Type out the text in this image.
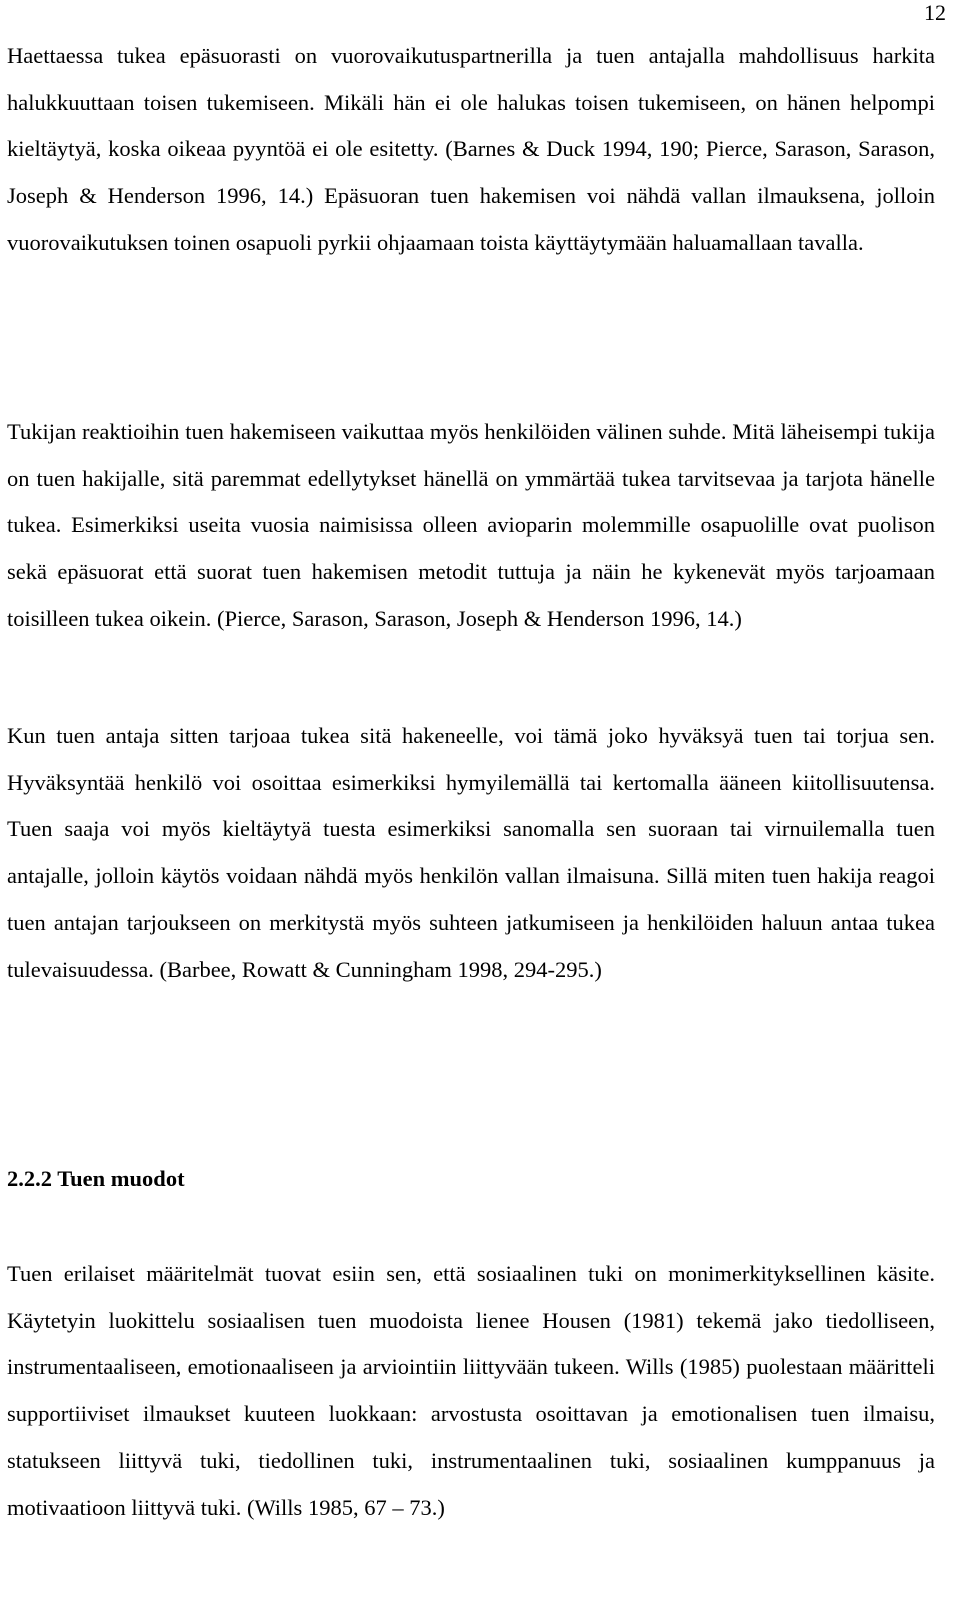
12

Haettaessa tukea epäsuorasti on vuorovaikutuspartnerilla ja tuen antajalla mahdollisuus harkita halukkuuttaan toisen tukemiseen. Mikäli hän ei ole halukas toisen tukemiseen, on hänen helpompi kieltäytyä, koska oikeaa pyyntöä ei ole esitetty. (Barnes & Duck 1994, 190; Pierce, Sarason, Sarason, Joseph & Henderson 1996, 14.) Epäsuoran tuen hakemisen voi nähdä vallan ilmauksena, jolloin vuorovaikutuksen toinen osapuoli pyrkii ohjaamaan toista käyttäytymään haluamallaan tavalla.

Tukijan reaktioihin tuen hakemiseen vaikuttaa myös henkilöiden välinen suhde. Mitä läheisempi tukija on tuen hakijalle, sitä paremmat edellytykset hänellä on ymmärtää tukea tarvitsevaa ja tarjota hänelle tukea. Esimerkiksi useita vuosia naimisissa olleen avioparin molemmille osapuolille ovat puolison sekä epäsuorat että suorat tuen hakemisen metodit tuttuja ja näin he kykenevät myös tarjoamaan toisilleen tukea oikein. (Pierce, Sarason, Sarason, Joseph & Henderson 1996, 14.)

Kun tuen antaja sitten tarjoaa tukea sitä hakeneelle, voi tämä joko hyväksyä tuen tai torjua sen. Hyväksyntää henkilö voi osoittaa esimerkiksi hymyilemällä tai kertomalla ääneen kiitollisuutensa. Tuen saaja voi myös kieltäytyä tuesta esimerkiksi sanomalla sen suoraan tai virnuilemalla tuen antajalle, jolloin käytös voidaan nähdä myös henkilön vallan ilmaisuna. Sillä miten tuen hakija reagoi tuen antajan tarjoukseen on merkitystä myös suhteen jatkumiseen ja henkilöiden haluun antaa tukea tulevaisuudessa. (Barbee, Rowatt & Cunningham 1998, 294-295.)

2.2.2 Tuen muodot

Tuen erilaiset määritelmät tuovat esiin sen, että sosiaalinen tuki on monimerkityksellinen käsite. Käytetyin luokittelu sosiaalisen tuen muodoista lienee Housen (1981) tekemä jako tiedolliseen, instrumentaaliseen, emotionaaliseen ja arviointiin liittyvään tukeen. Wills (1985) puolestaan määritteli supportiiviset ilmaukset kuuteen luokkaan: arvostusta osoittavan ja emotionalisen tuen ilmaisu, statukseen liittyvä tuki, tiedollinen tuki, instrumentaalinen tuki, sosiaalinen kumppanuus ja motivaatioon liittyvä tuki. (Wills 1985, 67 – 73.)
